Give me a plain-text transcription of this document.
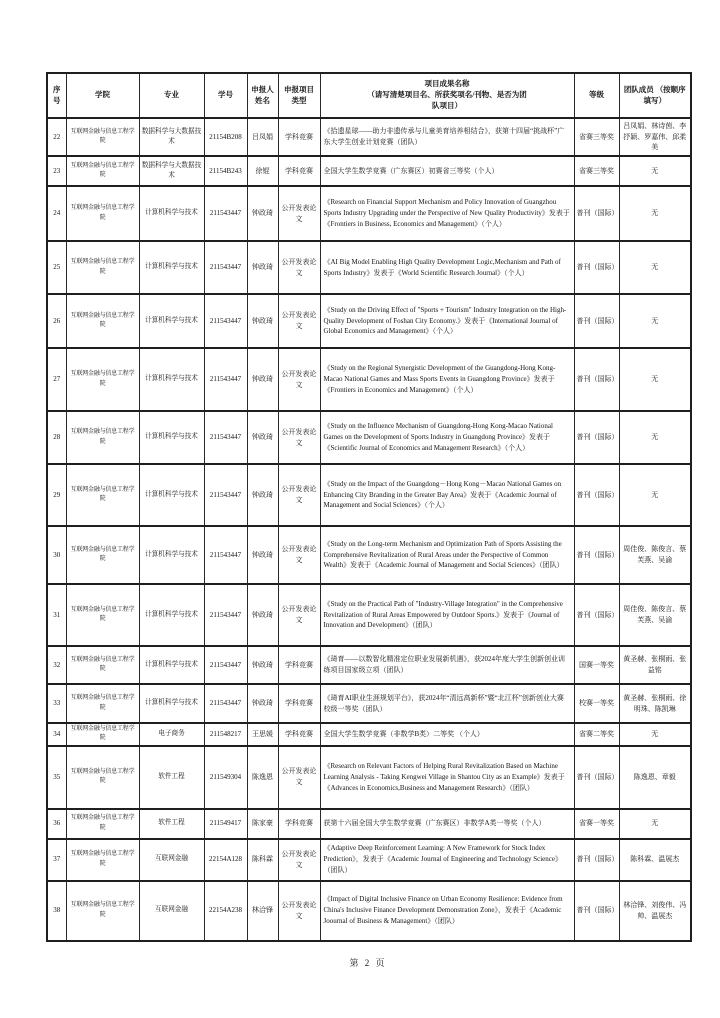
序号	学院	专业	学号	申报人姓名	申报项目类型	项目成果名称
（请写清楚项目名、所获奖项名/刊物、是否为团队项目）	等级	团队成员 （按顺序填写）
22	互联网金融与信息工程学院	数据科学与大数据技术	21154B208	吕凤娟	学科竞赛	《拾遗星球——助力非遗传承与儿童美育培养相结合》，获第十四届“挑战杯”广东大学生创业计划竞赛（团队）	省赛三等奖	吕凤娟、林诗茵、李抒颖、罗嘉伟、邱柔美
23	互联网金融与信息工程学院	数据科学与大数据技术	21154B243	徐锟	学科竞赛	全国大学生数学竞赛（广东赛区）初赛省三等奖（个人）	省赛三等奖	无
24	互联网金融与信息工程学院	计算机科学与技术	211543447	钟政琦	公开发表论文	《Research on Financial Support Mechanism and Policy Innovation of Guangzhou Sports Industry Upgrading under the Perspective of New Quality Productivity》发表于《Frontiers in Business, Economics and Management》（个人）	普刊（国际）	无
25	互联网金融与信息工程学院	计算机科学与技术	211543447	钟政琦	公开发表论文	《AI Big Model Enabling High Quality Development Logic,Mechanism and Path of Sports Industry》发表于《World Scientific Research Journal》（个人）	普刊（国际）	无
26	互联网金融与信息工程学院	计算机科学与技术	211543447	钟政琦	公开发表论文	《Study on the Driving Effect of "Sports + Tourism" Industry Integration on the High-Quality Development of Foshan City Economy.》发表于《International Journal of Global Economics and Management》（个人）	普刊（国际）	无
27	互联网金融与信息工程学院	计算机科学与技术	211543447	钟政琦	公开发表论文	《Study on the Regional Synergistic Development of the Guangdong-Hong Kong-Macao National Games and Mass Sports Events in Guangdong Province》发表于《Frontiers in Economics and Management》（个人）	普刊（国际）	无
28	互联网金融与信息工程学院	计算机科学与技术	211543447	钟政琦	公开发表论文	《Study on the Influence Mechanism of Guangdong-Hong Kong-Macao National Games on the Development of Sports Industry in Guangdong Province》发表于《Scientific Journal of Economics and Management Research》（个人）	普刊（国际）	无
29	互联网金融与信息工程学院	计算机科学与技术	211543447	钟政琦	公开发表论文	《Study on the Impact of the Guangdong－Hong Kong－Macao National Games on Enhancing City Branding in the Greater Bay Area》发表于《Academic Journal of Management and Social Sciences》（个人）	普刊（国际）	无
30	互联网金融与信息工程学院	计算机科学与技术	211543447	钟政琦	公开发表论文	《Study on the Long-term Mechanism and Optimization Path of Sports Assisting the Comprehensive Revitalization of Rural Areas under the Perspective of Common Wealth》发表于《Academic Journal of Management and Social Sciences》（团队）	普刊（国际）	周佳俊、陈俊言、蔡芙燕、吴渝
31	互联网金融与信息工程学院	计算机科学与技术	211543447	钟政琦	公开发表论文	《Study on the Practical Path of "Industry-Village Integration" in the Comprehensive Revitalization of Rural Areas Empowered by Outdoor Sports.》发表于《Journal of Innovation and Development》（团队）	普刊（国际）	周佳俊、陈俊言、蔡芙燕、吴渝
32	互联网金融与信息工程学院	计算机科学与技术	211543447	钟政琦	学科竞赛	《琦育——以数智化精准定位职业发展新机遇》，获2024年度大学生创新创业训练项目国家级立项（团队）	国赛一等奖	黄圣赫、张桐雨、张益铭
33	互联网金融与信息工程学院	计算机科学与技术	211543447	钟政琦	学科竞赛	《琦育AI职业生涯规划平台》，获2024年“清远高新杯”暨“北江杯”创新创业大赛校级一等奖（团队）	校赛一等奖	黄圣赫、张桐雨、徐明珠、陈凯琳
34	互联网金融与信息工程学院	电子商务	211548217	王思媛	学科竞赛	全国大学生数学竞赛（非数学B类）二等奖 （个人）	省赛二等奖	无
35	互联网金融与信息工程学院	软件工程	211549304	陈逸恩	公开发表论文	《Research on Relevant Factors of Helping Rural Revitalization Based on Machine Learning Analysis - Taking Kengwei Village in Shantou City as an Example》发表于《Advances in Economics,Business and Management Research》（团队）	普刊（国际）	陈逸恩、章毅
36	互联网金融与信息工程学院	软件工程	211549417	陈家豪	学科竞赛	获第十六届全国大学生数学竞赛（广东赛区）非数学A类一等奖（个人）	省赛一等奖	无
37	互联网金融与信息工程学院	互联网金融	22154A128	陈科霖	公开发表论文	《Adaptive Deep Reinforcement Learning: A New Framework for Stock Index Prediction》，发表于《Academic Journal of Engineering and Technology Science》（团队）	普刊（国际）	陈科霖、温展杰
38	互联网金融与信息工程学院	互联网金融	22154A238	林洽锋	公开发表论文	《Impact of Digital Inclusive Finance on Urban Economy Resilience: Evidence from China's Inclusive Finance Development Demonstration Zone》，发表于《Academic Joournal of Business & Management》（团队）	普刊（国际）	林洽锋、刘俊伟、冯帅、温展杰
第 2 页
